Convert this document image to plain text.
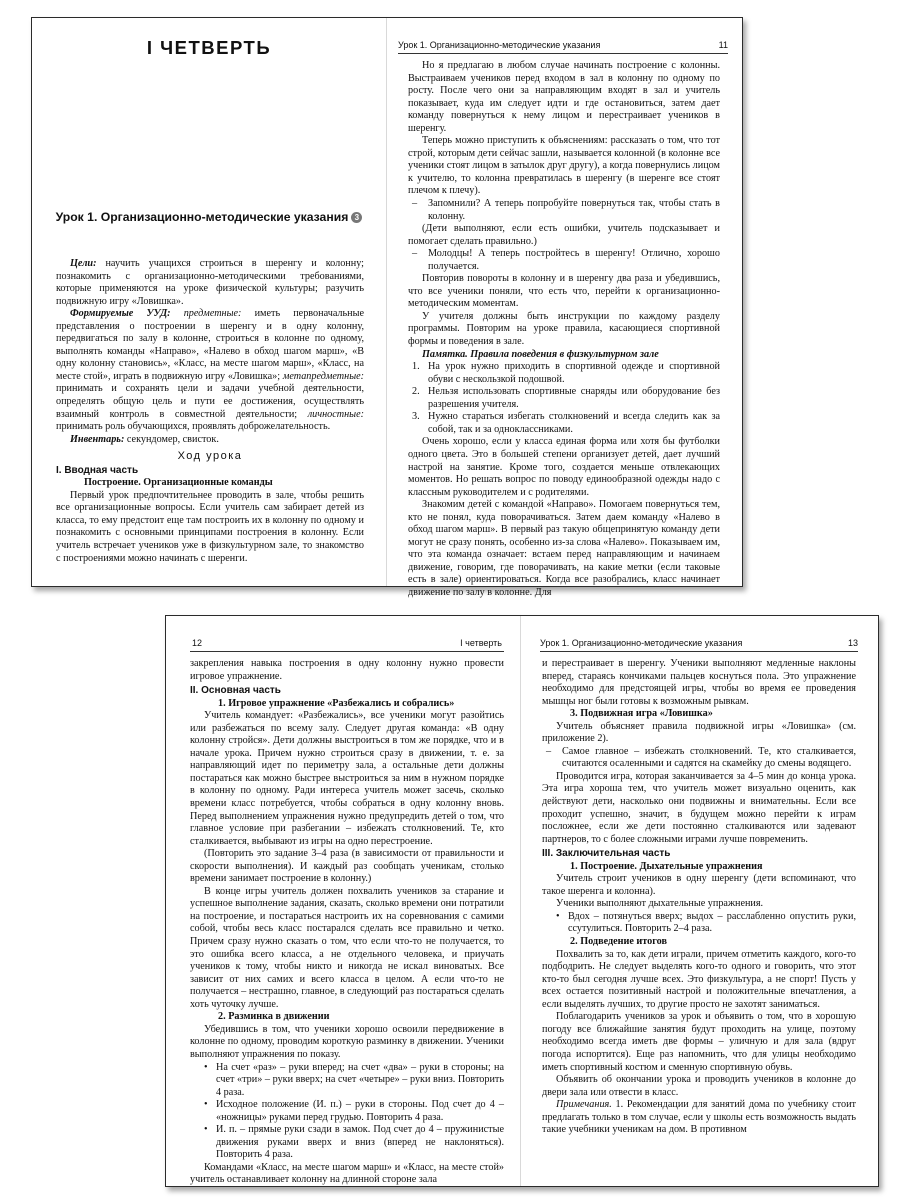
I ЧЕТВЕРТЬ
Урок 1. Организационно-методические указания 3

Цели: научить учащихся строиться в шеренгу и колонну; познакомить с организационно-методическими требованиями, которые применяются на уроке физической культуры; разучить подвижную игру «Ловишка».

Формируемые УУД: предметные: иметь первоначальные представления о построении в шеренгу и в одну колонну, передвигаться по залу в колонне, строиться в колонне по одному, выполнять команды «Направо», «Налево в обход шагом марш», «В одну колонну становись», «Класс, на месте шагом марш», «Класс, на месте стой», играть в подвижную игру «Ловишка»; метапредметные: принимать и сохранять цели и задачи учебной деятельности, определять общую цель и пути ее достижения, осуществлять взаимный контроль в совместной деятельности; личностные: принимать роль обучающихся, проявлять доброжелательность.

Инвентарь: секундомер, свисток.

Ход урока
I. Вводная часть

Построение. Организационные команды

Первый урок предпочтительнее проводить в зале, чтобы решить все организационные вопросы. Если учитель сам забирает детей из класса, то ему предстоит еще там построить их в колонну по одному и познакомить с основными принципами построения в колонну. Если учитель встречает учеников уже в физкультурном зале, то знакомство с построениями можно начинать с шеренги.

Урок 1. Организационно-методические указания	11

Но я предлагаю в любом случае начинать построение с колонны. Выстраиваем учеников перед входом в зал в колонну по одному по росту. После чего они за направляющим входят в зал и учитель показывает, куда им следует идти и где остановиться, затем дает команду повернуться к нему лицом и перестраивает учеников в шеренгу.

Теперь можно приступить к объяснениям: рассказать о том, что тот строй, которым дети сейчас зашли, называется колонной (в колонне все ученики стоят лицом в затылок друг другу), а когда повернулись лицом к учителю, то колонна превратилась в шеренгу (в шеренге все стоят плечом к плечу).

– Запомнили? А теперь попробуйте повернуться так, чтобы стать в колонну.

(Дети выполняют, если есть ошибки, учитель подсказывает и помогает сделать правильно.)

– Молодцы! А теперь постройтесь в шеренгу! Отлично, хорошо получается.

Повторив повороты в колонну и в шеренгу два раза и убедившись, что все ученики поняли, что есть что, перейти к организационно-методическим моментам.

У учителя должны быть инструкции по каждому разделу программы. Повторим на уроке правила, касающиеся спортивной формы и поведения в зале.

Памятка. Правила поведения в физкультурном зале

1. На урок нужно приходить в спортивной одежде и спортивной обуви с нескользкой подошвой.

2. Нельзя использовать спортивные снаряды или оборудование без разрешения учителя.

3. Нужно стараться избегать столкновений и всегда следить как за собой, так и за одноклассниками.

Очень хорошо, если у класса единая форма или хотя бы футболки одного цвета. Это в большей степени организует детей, дает лучший настрой на занятие. Кроме того, создается меньше отвлекающих моментов. Но решать вопрос по поводу единообразной одежды надо с классным руководителем и с родителями.

Знакомим детей с командой «Направо». Помогаем повернуться тем, кто не понял, куда поворачиваться. Затем даем команду «Налево в обход шагом марш». В первый раз такую общепринятую команду дети могут не сразу понять, особенно из-за слова «Налево». Показываем им, что эта команда означает: встаем перед направляющим и начинаем движение, говорим, где поворачивать, на какие метки (если таковые есть в зале) ориентироваться. Когда все разобрались, класс начинает движение по залу в колонне. Для

12	I четверть

закрепления навыка построения в одну колонну нужно провести игровое упражнение.

II. Основная часть

1. Игровое упражнение «Разбежались и собрались»

Учитель командует: «Разбежались», все ученики могут разойтись или разбежаться по всему залу. Следует другая команда: «В одну колонну стройся». Дети должны выстроиться в том же порядке, что и в начале урока. Причем нужно строиться сразу в движении, т. е. за направляющий идет по периметру зала, а остальные дети должны постараться как можно быстрее выстроиться за ним в нужном порядке в колонну по одному. Ради интереса учитель может засечь, сколько времени класс потребуется, чтобы собраться в одну колонну вновь. Перед выполнением упражнения нужно предупредить детей о том, что главное условие при разбегании – избежать столкновений. Те, кто сталкивается, выбывают из игры на одно перестроение.

(Повторить это задание 3–4 раза (в зависимости от правильности и скорости выполнения). И каждый раз сообщать ученикам, столько времени занимает построение в колонну.)

В конце игры учитель должен похвалить учеников за старание и успешное выполнение задания, сказать, сколько времени они потратили на построение, и постараться настроить их на соревнования с самими собой, чтобы весь класс постарался сделать все правильно и четко. Причем сразу нужно сказать о том, что если что-то не получается, то это ошибка всего класса, а не отдельного человека, и приучать учеников к тому, чтобы никто и никогда не искал виноватых. Все зависит от них самих и всего класса в целом. А если что-то не получается – нестрашно, главное, в следующий раз постараться сделать хоть чуточку лучше.

2. Разминка в движении

Убедившись в том, что ученики хорошо освоили передвижение в колонне по одному, проводим короткую разминку в движении. Ученики выполняют упражнения по показу.

• На счет «раз» – руки вперед; на счет «два» – руки в стороны; на счет «три» – руки вверх; на счет «четыре» – руки вниз. Повторить 4 раза.

• Исходное положение (И. п.) – руки в стороны. Под счет до 4 – «ножницы» руками перед грудью. Повторить 4 раза.

• И. п. – прямые руки сзади в замок. Под счет до 4 – пружинистые движения руками вверх и вниз (вперед не наклоняться). Повторить 4 раза.

Командами «Класс, на месте шагом марш» и «Класс, на месте стой» учитель останавливает колонну на длинной стороне зала

Урок 1. Организационно-методические указания	13

и перестраивает в шеренгу. Ученики выполняют медленные наклоны вперед, стараясь кончиками пальцев коснуться пола. Это упражнение необходимо для предстоящей игры, чтобы во время ее проведения мышцы ног были готовы к возможным рывкам.

3. Подвижная игра «Ловишка»

Учитель объясняет правила подвижной игры «Ловишка» (см. приложение 2).

– Самое главное – избежать столкновений. Те, кто сталкивается, считаются осаленными и садятся на скамейку до смены водящего.

Проводится игра, которая заканчивается за 4–5 мин до конца урока. Эта игра хороша тем, что учитель может визуально оценить, как действуют дети, насколько они подвижны и внимательны. Если все проходит успешно, значит, в будущем можно перейти к играм посложнее, если же дети постоянно сталкиваются или задевают партнеров, то с более сложными играми лучше повременить.

III. Заключительная часть

1. Построение. Дыхательные упражнения

Учитель строит учеников в одну шеренгу (дети вспоминают, что такое шеренга и колонна).

Ученики выполняют дыхательные упражнения.

• Вдох – потянуться вверх; выдох – расслабленно опустить руки, ссутулиться. Повторить 2–4 раза.

2. Подведение итогов

Похвалить за то, как дети играли, причем отметить каждого, кого-то подбодрить. Не следует выделять кого-то одного и говорить, что этот кто-то был сегодня лучше всех. Это физкультура, а не спорт! Пусть у всех остается позитивный настрой и положительные впечатления, а если выделять лучших, то другие просто не захотят заниматься.

Поблагодарить учеников за урок и объявить о том, что в хорошую погоду все ближайшие занятия будут проходить на улице, поэтому необходимо всегда иметь две формы – уличную и для зала (вдруг погода испортится). Еще раз напомнить, что для улицы необходимо иметь спортивный костюм и сменную спортивную обувь.

Объявить об окончании урока и проводить учеников в колонне до двери зала или отвести в класс.

Примечания. 1. Рекомендации для занятий дома по учебнику стоит предлагать только в том случае, если у школы есть возможность выдать такие учебники ученикам на дом. В противном
